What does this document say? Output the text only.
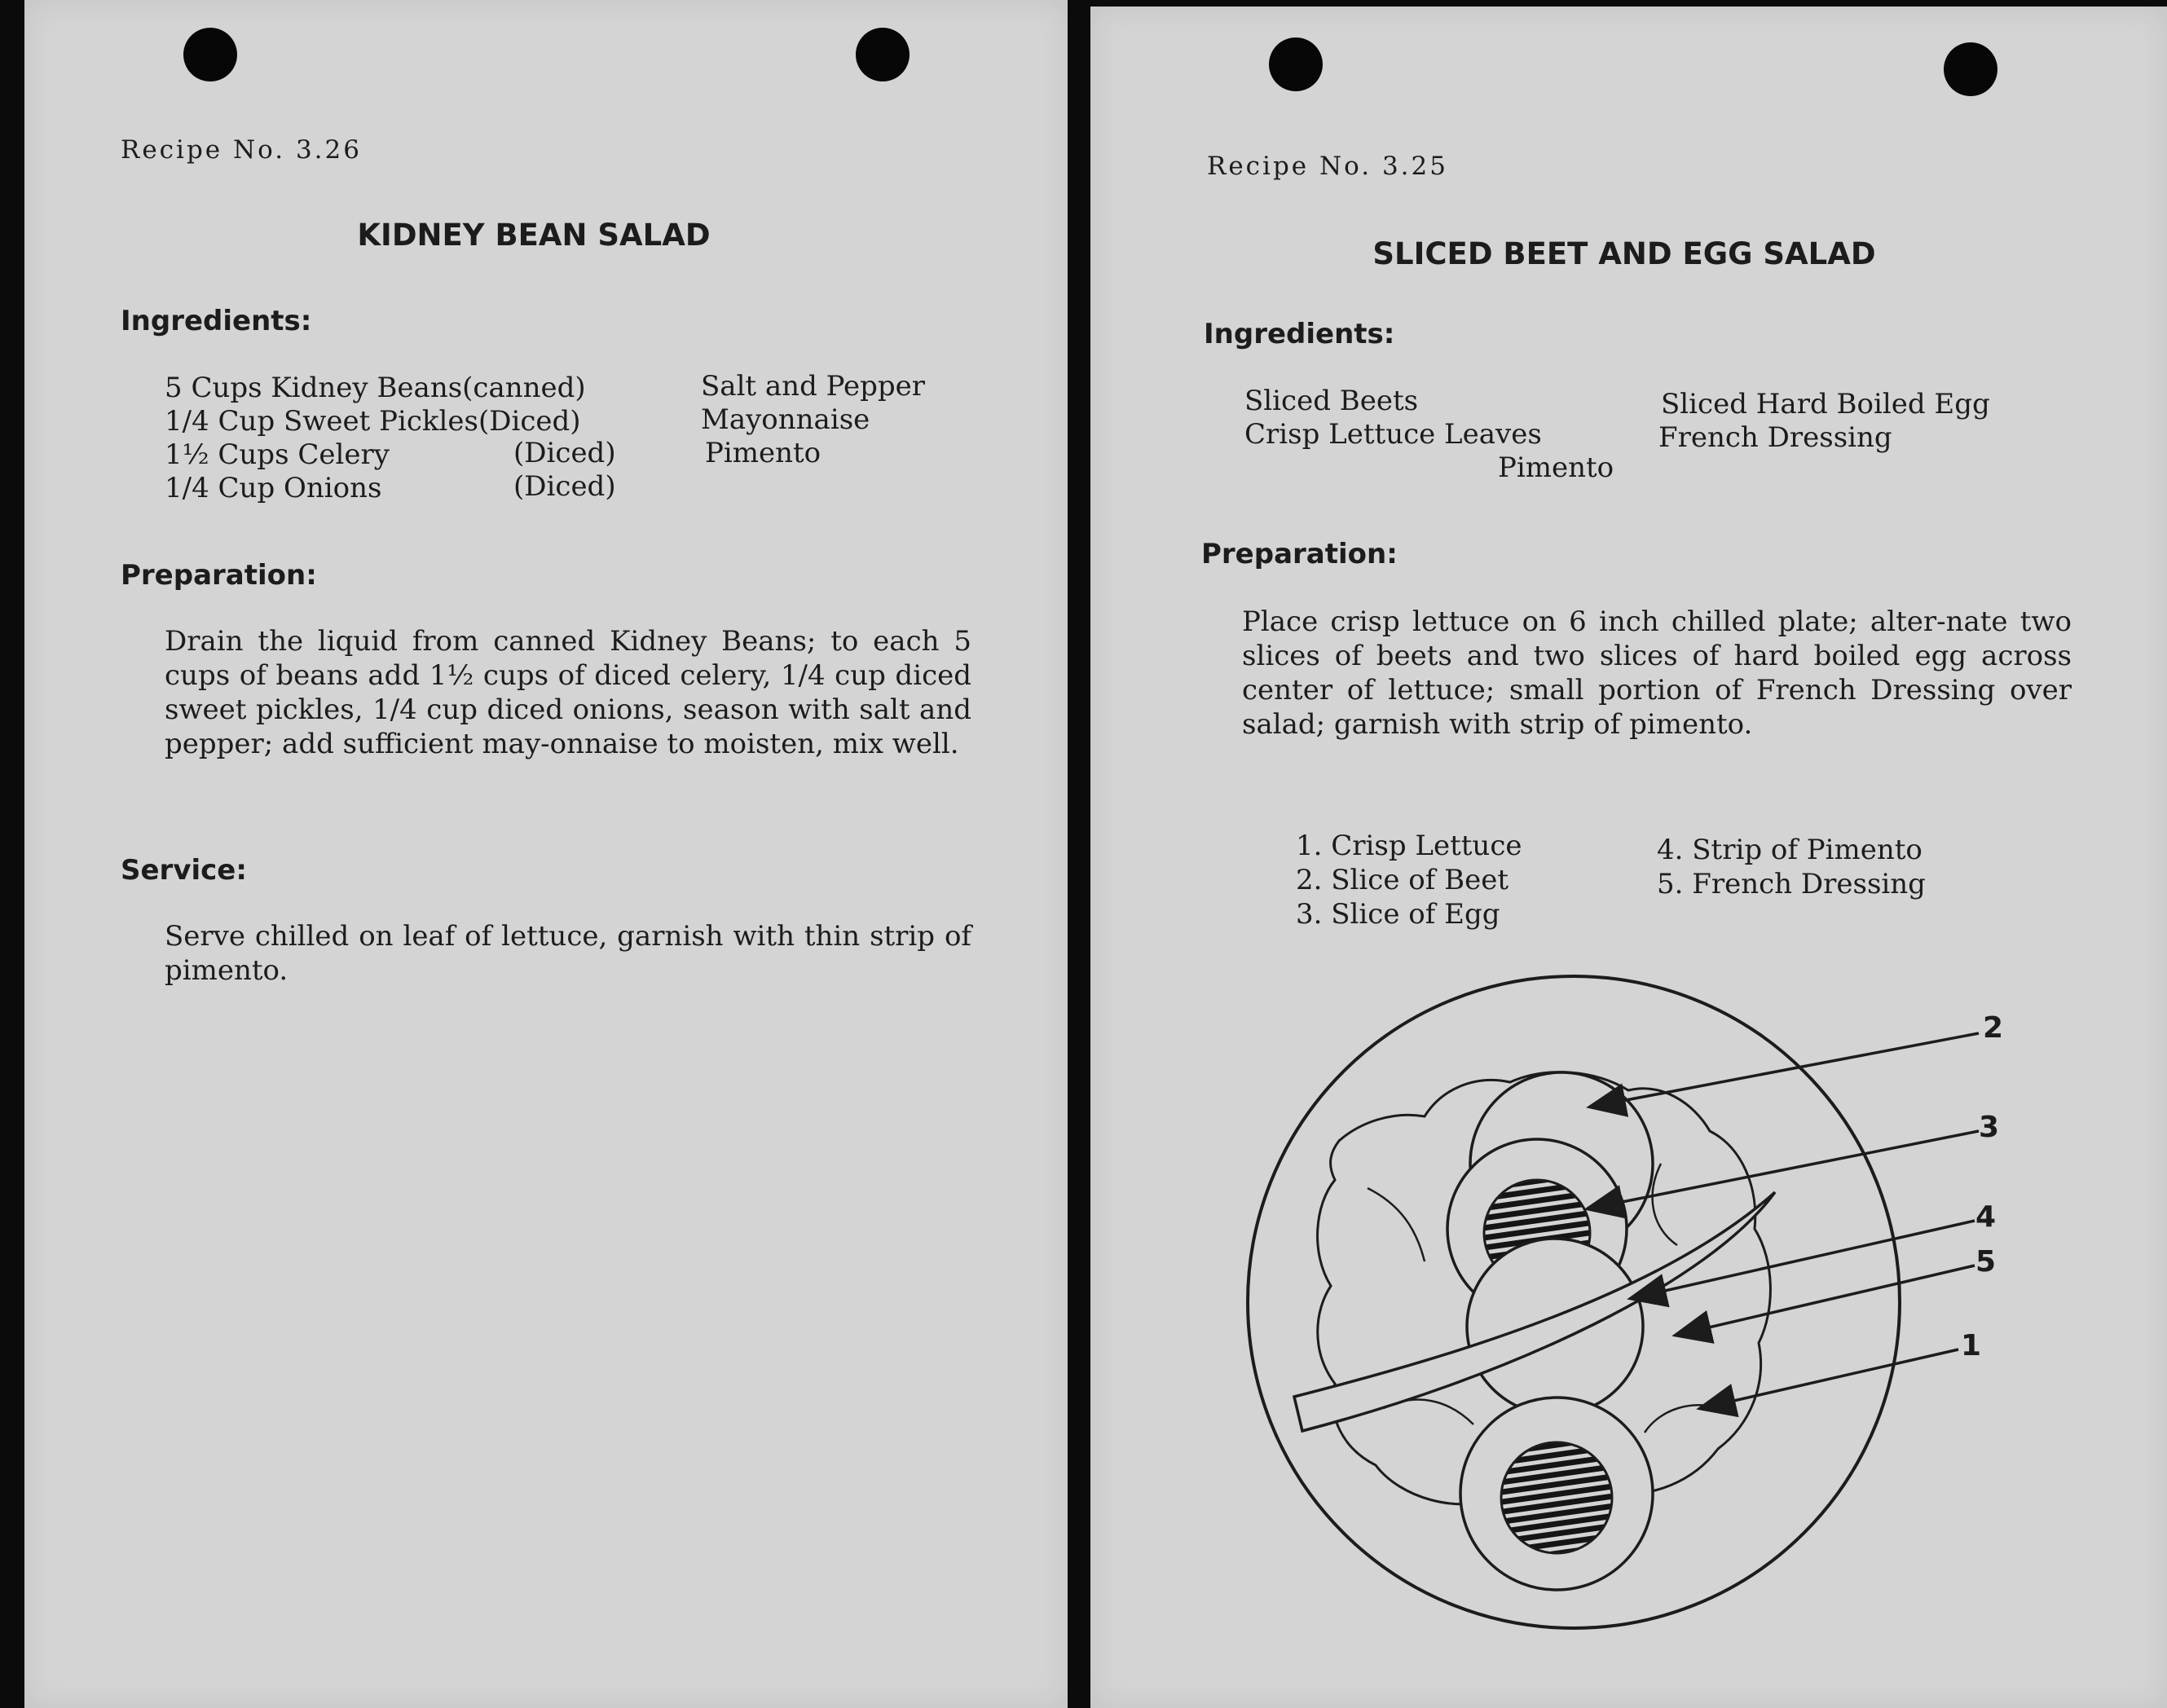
Recipe No. 3.26
KIDNEY BEAN SALAD
Ingredients:
5 Cups Kidney Beans(canned)
1/4 Cup Sweet Pickles(Diced)
1½ Cups Celery	(Diced)
1/4 Cup Onions	(Diced)
Salt and Pepper
Mayonnaise
Pimento
Preparation:
Drain the liquid from canned Kidney Beans; to each 5 cups of beans add 1½ cups of diced celery, 1/4 cup diced sweet pickles, 1/4 cup diced onions, season with salt and pepper; add sufficient may-onnaise to moisten, mix well.
Service:
Serve chilled on leaf of lettuce, garnish with thin strip of pimento.
Recipe No. 3.25
SLICED BEET AND EGG SALAD
Ingredients:
Sliced Beets
Crisp Lettuce Leaves
Pimento
Sliced Hard Boiled Egg
French Dressing
Preparation:
Place crisp lettuce on 6 inch chilled plate; alter-nate two slices of beets and two slices of hard boiled egg across center of lettuce; small portion of French Dressing over salad; garnish with strip of pimento.
1. Crisp Lettuce
2. Slice of Beet
3. Slice of Egg
4. Strip of Pimento
5. French Dressing
2
3
4
5
1
